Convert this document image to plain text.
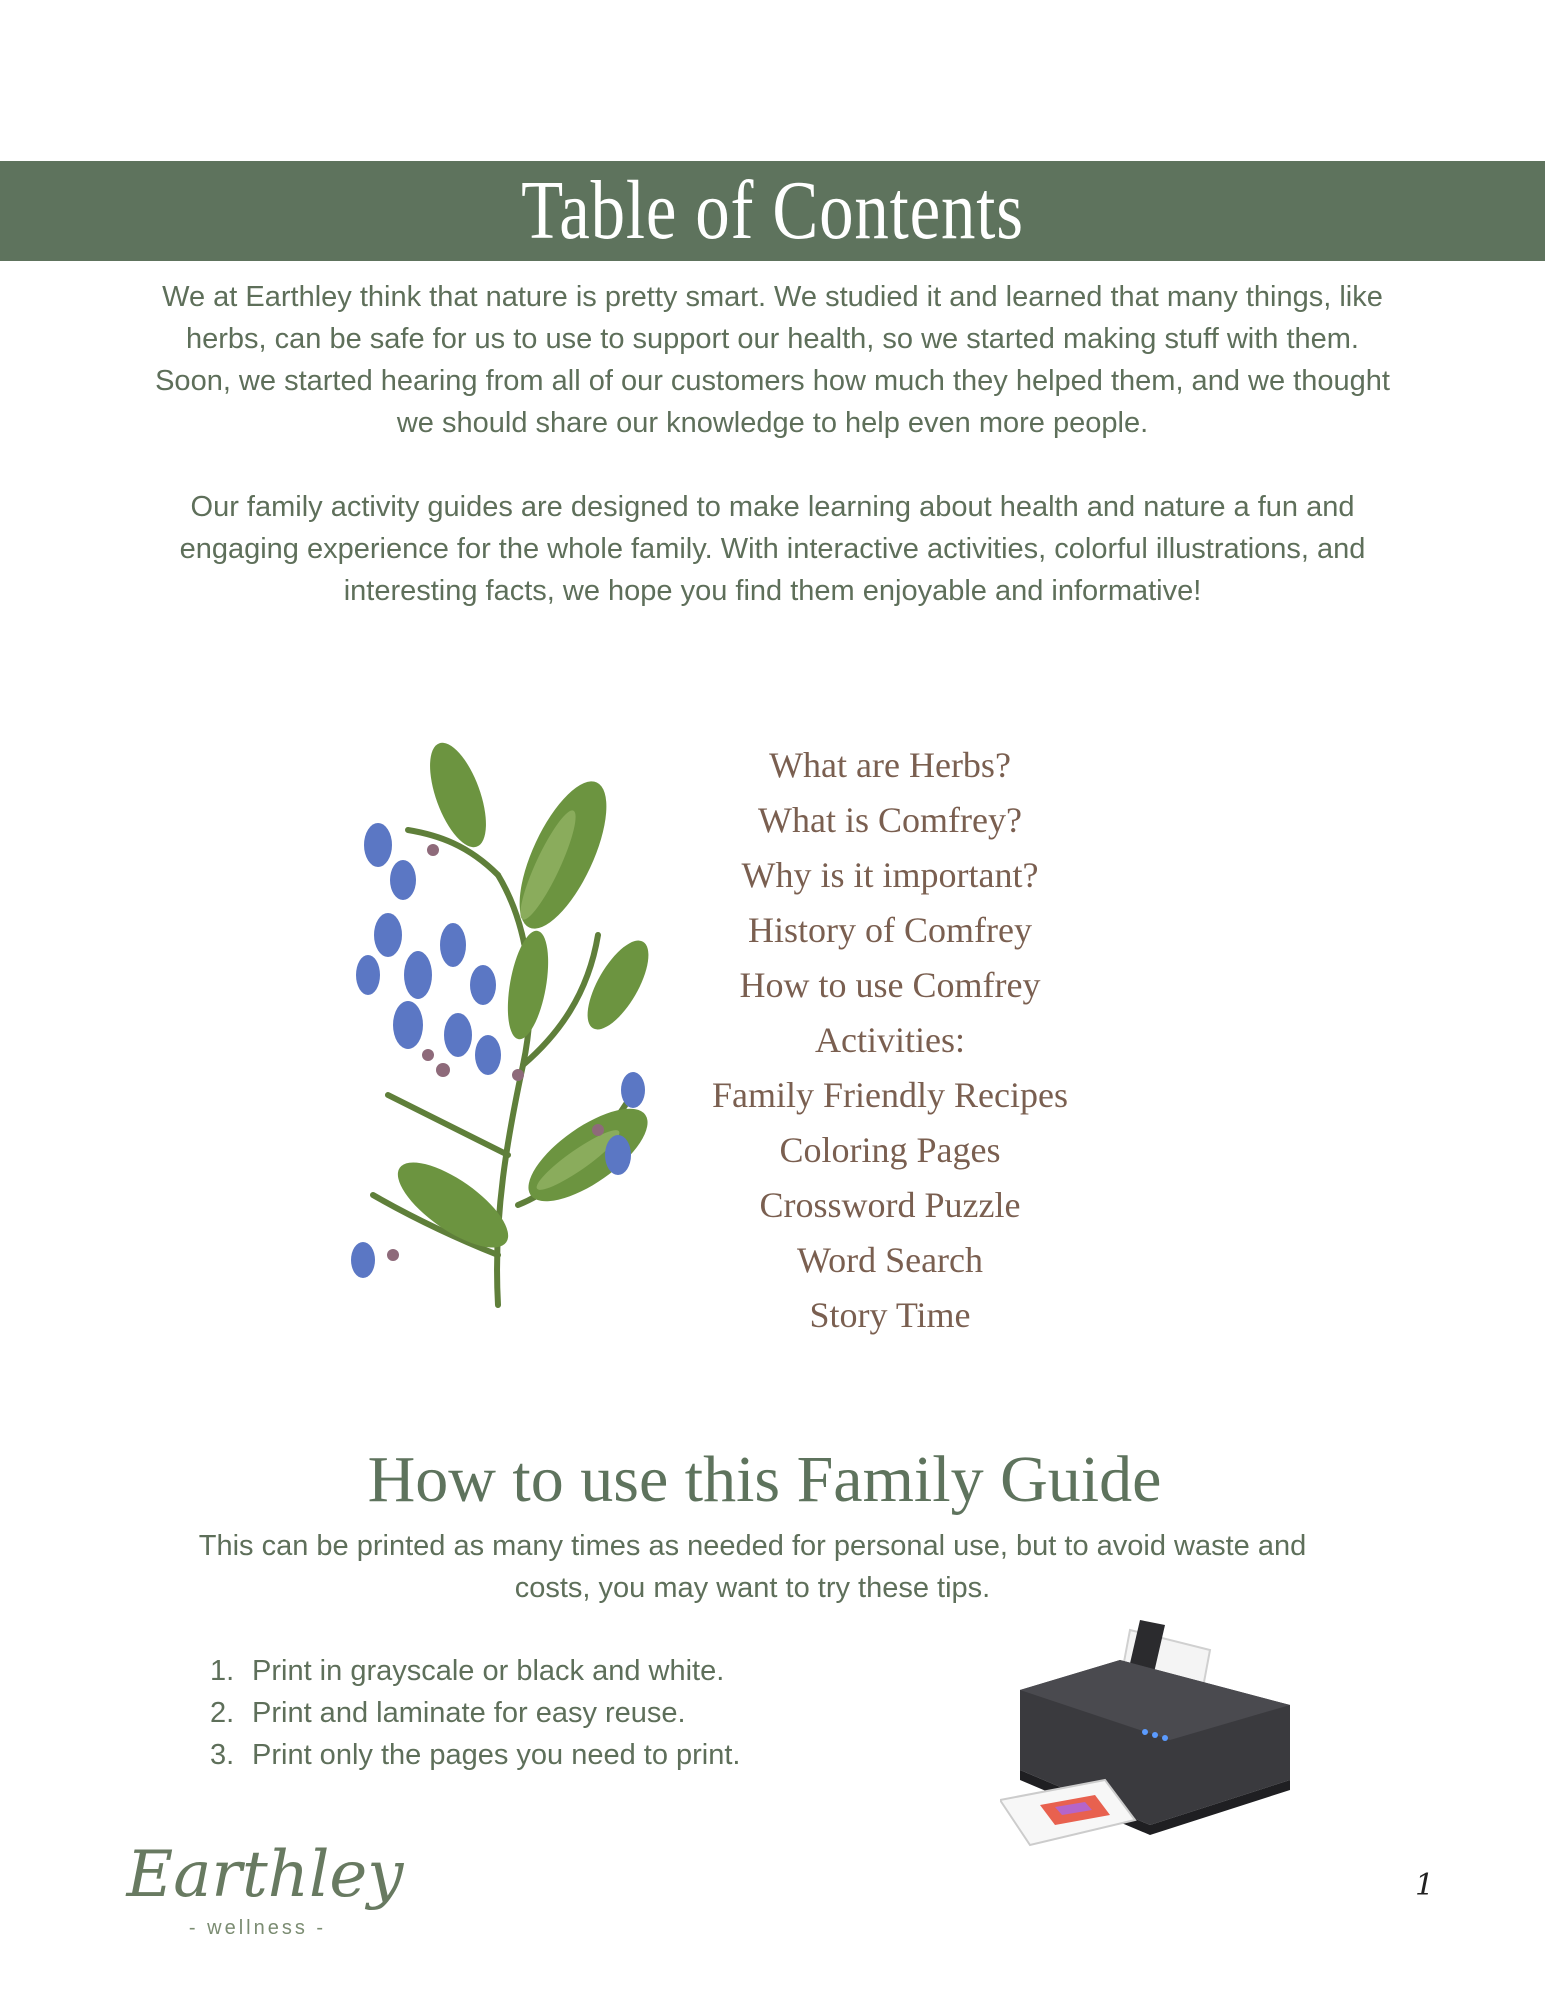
Table of Contents

We at Earthley think that nature is pretty smart. We studied it and learned that many things, like herbs, can be safe for us to use to support our health, so we started making stuff with them. Soon, we started hearing from all of our customers how much they helped them, and we thought we should share our knowledge to help even more people.

Our family activity guides are designed to make learning about health and nature a fun and engaging experience for the whole family. With interactive activities, colorful illustrations, and interesting facts, we hope you find them enjoyable and informative!

What are Herbs?
What is Comfrey?
Why is it important?
History of Comfrey
How to use Comfrey
Activities:
Family Friendly Recipes
Coloring Pages
Crossword Puzzle
Word Search
Story Time
How to use this Family Guide
This can be printed as many times as needed for personal use, but to avoid waste and costs, you may want to try these tips.
1. Print in grayscale or black and white.
2. Print and laminate for easy reuse.
3. Print only the pages you need to print.
Earthley
- wellness -
1
